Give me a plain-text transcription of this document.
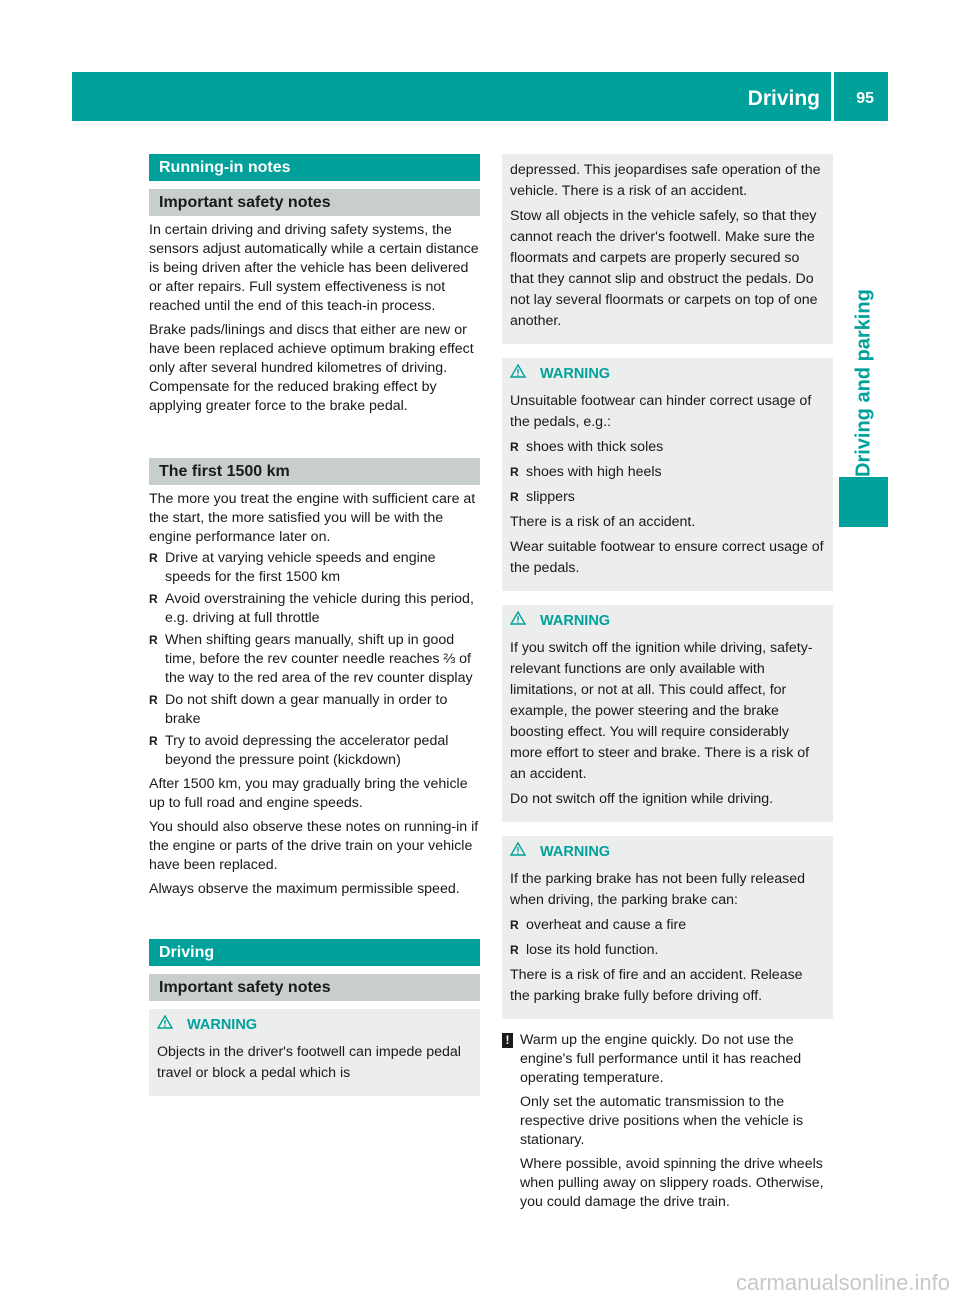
Driving 95
Driving and parking
Running-in notes
Important safety notes

In certain driving and driving safety systems, the sensors adjust automatically while a certain distance is being driven after the vehicle has been delivered or after repairs. Full system effectiveness is not reached until the end of this teach-in process.

Brake pads/linings and discs that either are new or have been replaced achieve optimum braking effect only after several hundred kilometres of driving. Compensate for the reduced braking effect by applying greater force to the brake pedal.

The first 1500 km

The more you treat the engine with sufficient care at the start, the more satisfied you will be with the engine performance later on.

R Drive at varying vehicle speeds and engine speeds for the first 1500 km
R Avoid overstraining the vehicle during this period, e.g. driving at full throttle
R When shifting gears manually, shift up in good time, before the rev counter needle reaches ⅔ of the way to the red area of the rev counter display
R Do not shift down a gear manually in order to brake
R Try to avoid depressing the accelerator pedal beyond the pressure point (kickdown)

After 1500 km, you may gradually bring the vehicle up to full road and engine speeds.

You should also observe these notes on running-in if the engine or parts of the drive train on your vehicle have been replaced.

Always observe the maximum permissible speed.

Driving
Important safety notes
WARNING

Objects in the driver's footwell can impede pedal travel or block a pedal which is

depressed. This jeopardises safe operation of the vehicle. There is a risk of an accident.

Stow all objects in the vehicle safely, so that they cannot reach the driver's footwell. Make sure the floormats and carpets are properly secured so that they cannot slip and obstruct the pedals. Do not lay several floormats or carpets on top of one another.

WARNING

Unsuitable footwear can hinder correct usage of the pedals, e.g.:

R shoes with thick soles
R shoes with high heels
R slippers

There is a risk of an accident.

Wear suitable footwear to ensure correct usage of the pedals.

WARNING

If you switch off the ignition while driving, safety-relevant functions are only available with limitations, or not at all. This could affect, for example, the power steering and the brake boosting effect. You will require considerably more effort to steer and brake. There is a risk of an accident.

Do not switch off the ignition while driving.

WARNING

If the parking brake has not been fully released when driving, the parking brake can:

R overheat and cause a fire
R lose its hold function.

There is a risk of fire and an accident. Release the parking brake fully before driving off.

! Warm up the engine quickly. Do not use the engine's full performance until it has reached operating temperature.

Only set the automatic transmission to the respective drive positions when the vehicle is stationary.

Where possible, avoid spinning the drive wheels when pulling away on slippery roads. Otherwise, you could damage the drive train.

carmanualsonline.info
